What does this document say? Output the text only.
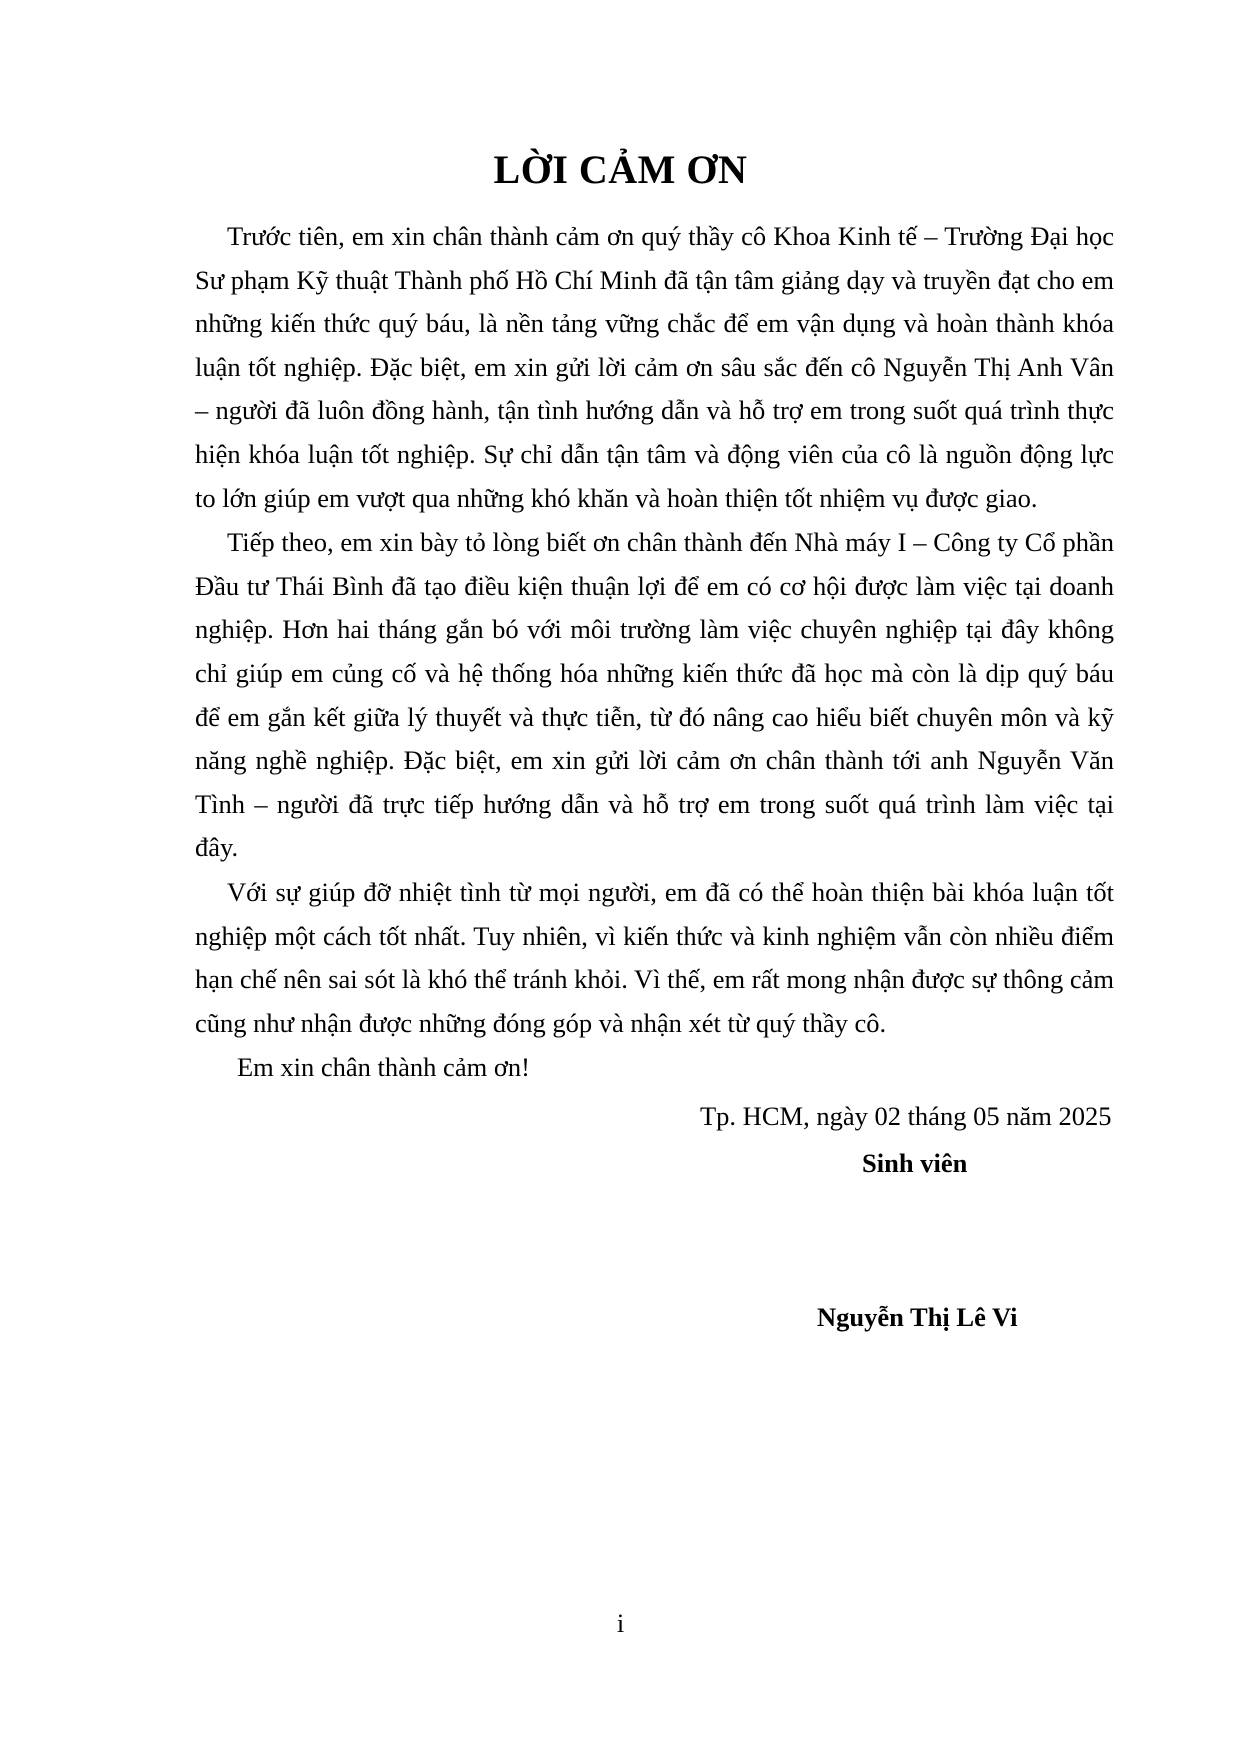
LỜI CẢM ƠN

Trước tiên, em xin chân thành cảm ơn quý thầy cô Khoa Kinh tế – Trường Đại học Sư phạm Kỹ thuật Thành phố Hồ Chí Minh đã tận tâm giảng dạy và truyền đạt cho em những kiến thức quý báu, là nền tảng vững chắc để em vận dụng và hoàn thành khóa luận tốt nghiệp. Đặc biệt, em xin gửi lời cảm ơn sâu sắc đến cô Nguyễn Thị Anh Vân – người đã luôn đồng hành, tận tình hướng dẫn và hỗ trợ em trong suốt quá trình thực hiện khóa luận tốt nghiệp. Sự chỉ dẫn tận tâm và động viên của cô là nguồn động lực to lớn giúp em vượt qua những khó khăn và hoàn thiện tốt nhiệm vụ được giao.

Tiếp theo, em xin bày tỏ lòng biết ơn chân thành đến Nhà máy I – Công ty Cổ phần Đầu tư Thái Bình đã tạo điều kiện thuận lợi để em có cơ hội được làm việc tại doanh nghiệp. Hơn hai tháng gắn bó với môi trường làm việc chuyên nghiệp tại đây không chỉ giúp em củng cố và hệ thống hóa những kiến thức đã học mà còn là dịp quý báu để em gắn kết giữa lý thuyết và thực tiễn, từ đó nâng cao hiểu biết chuyên môn và kỹ năng nghề nghiệp. Đặc biệt, em xin gửi lời cảm ơn chân thành tới anh Nguyễn Văn Tình – người đã trực tiếp hướng dẫn và hỗ trợ em trong suốt quá trình làm việc tại đây.

Với sự giúp đỡ nhiệt tình từ mọi người, em đã có thể hoàn thiện bài khóa luận tốt nghiệp một cách tốt nhất. Tuy nhiên, vì kiến thức và kinh nghiệm vẫn còn nhiều điểm hạn chế nên sai sót là khó thể tránh khỏi. Vì thế, em rất mong nhận được sự thông cảm cũng như nhận được những đóng góp và nhận xét từ quý thầy cô.

Em xin chân thành cảm ơn!

Tp. HCM, ngày 02 tháng 05 năm 2025
Sinh viên
Nguyễn Thị Lê Vi
i
